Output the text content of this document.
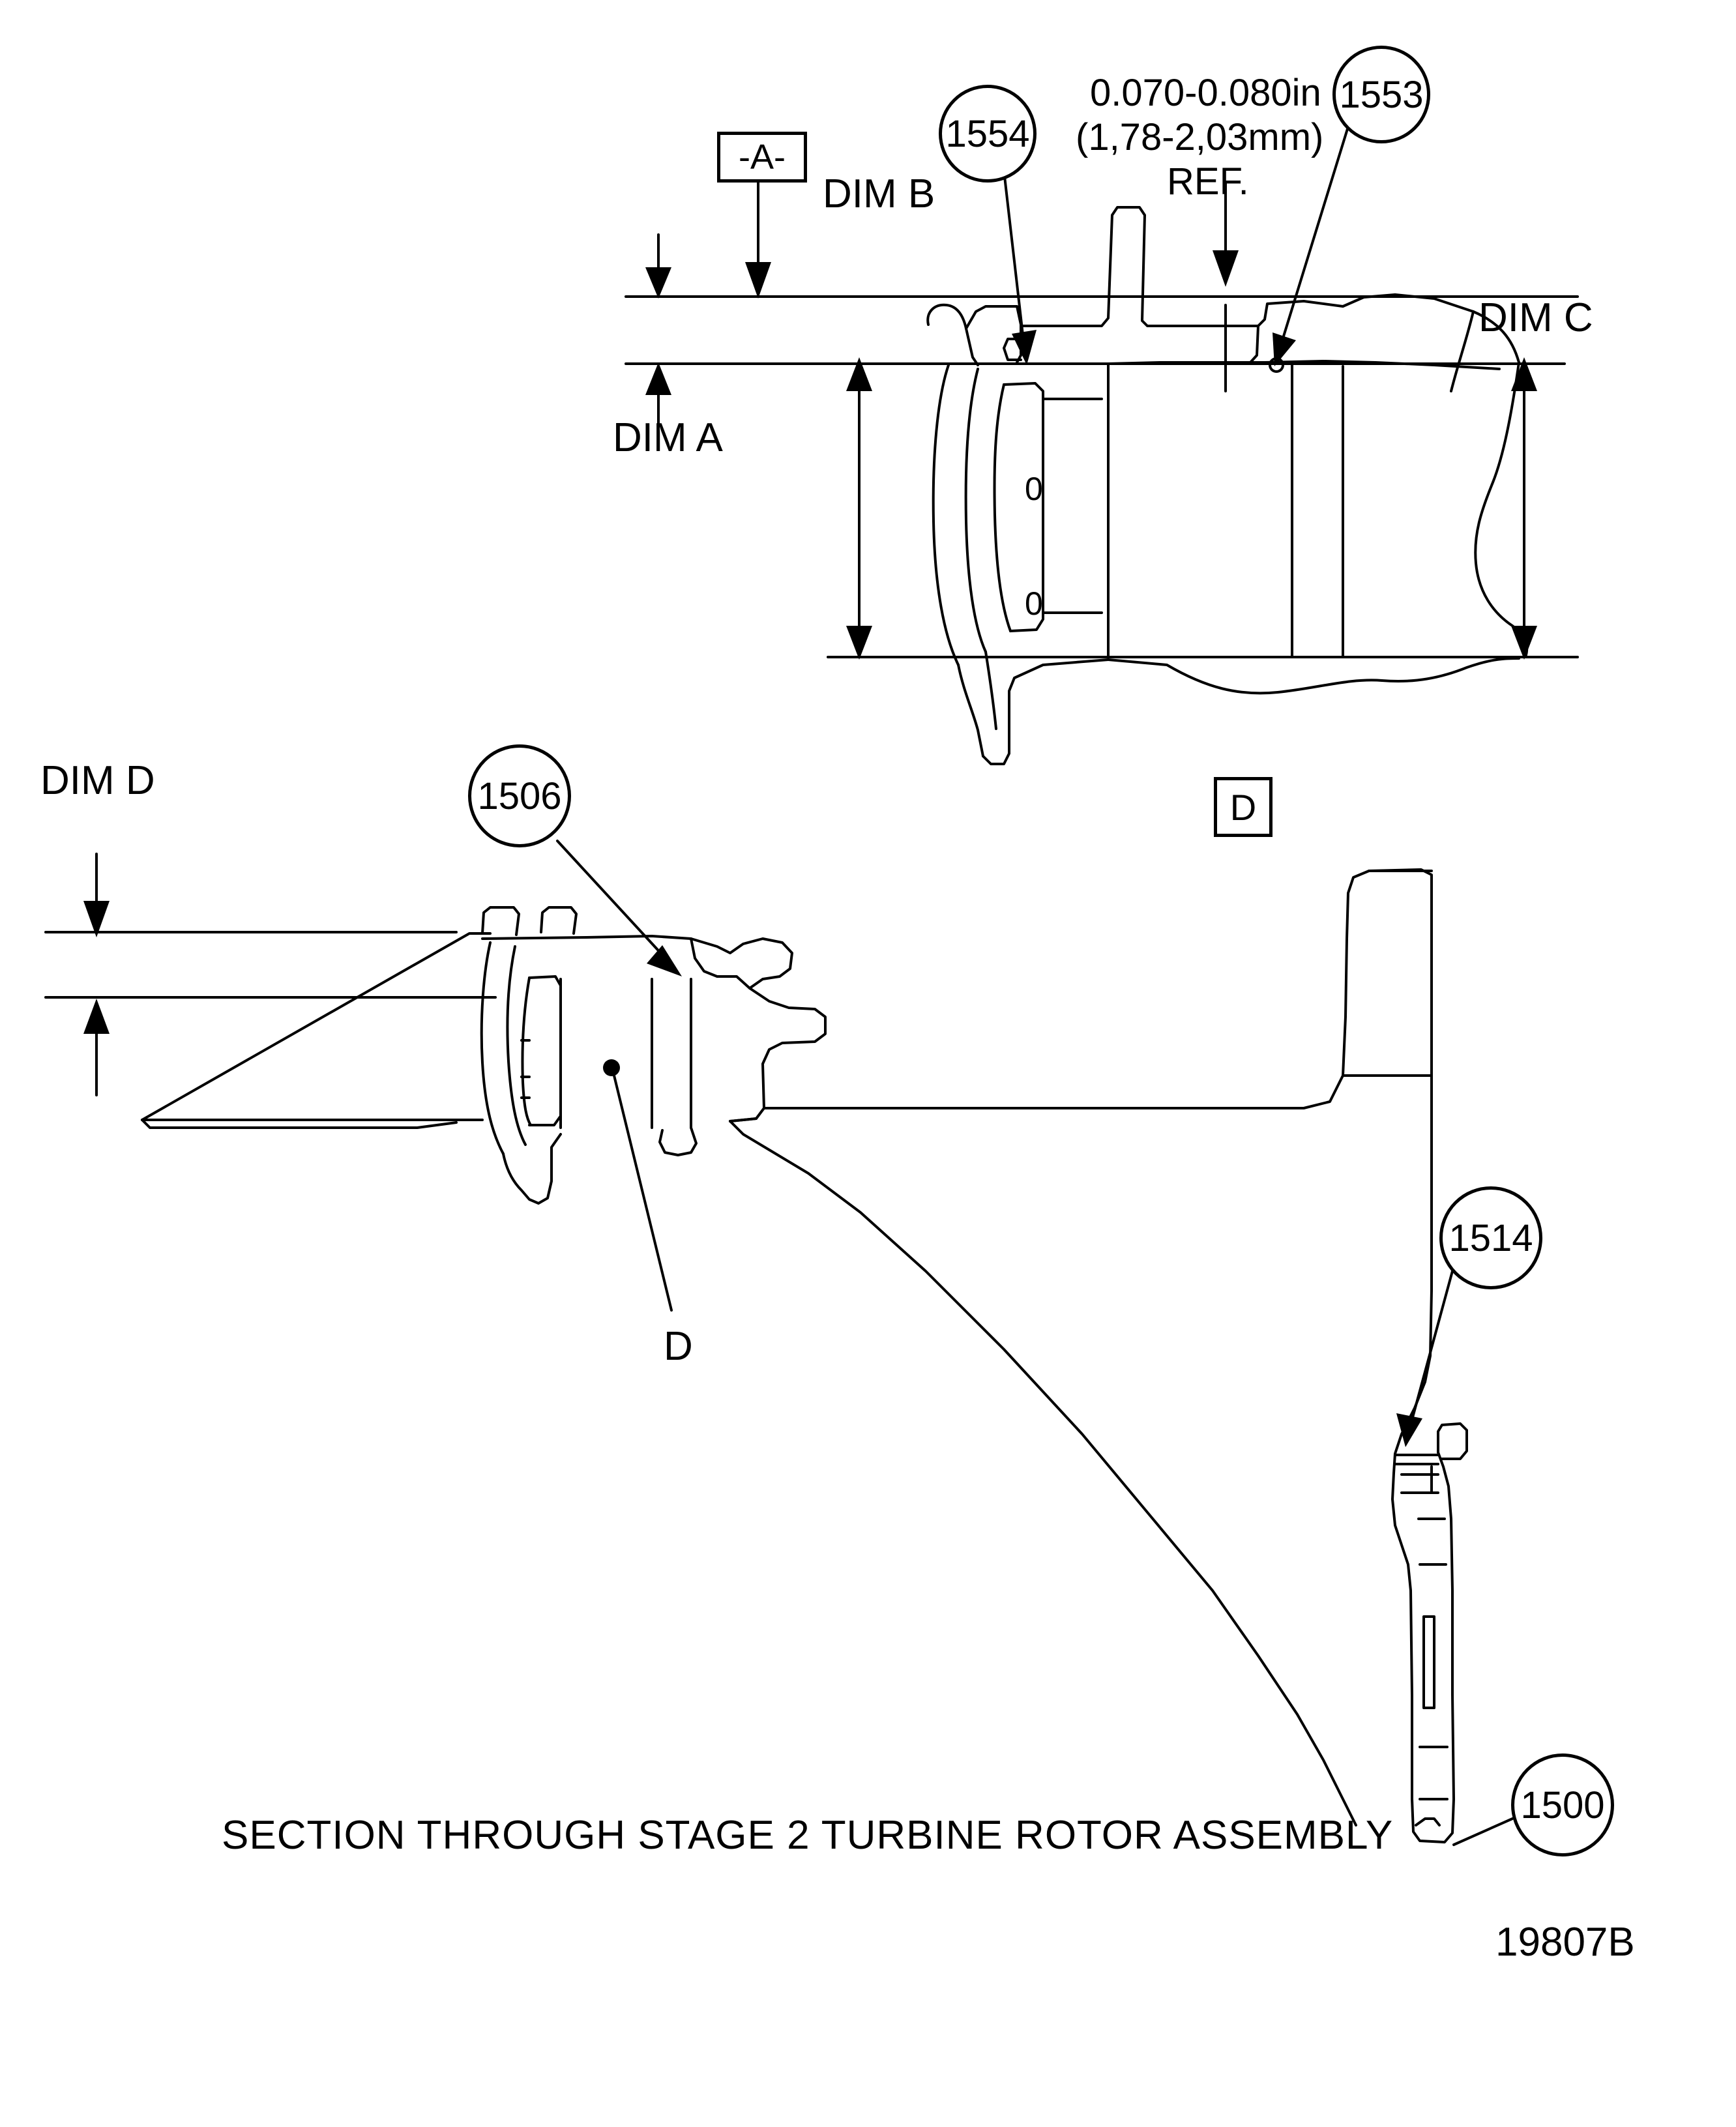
-A-
DIM B
DIM A
DIM C
DIM D
0.070-0.080in
(1,78-2,03mm)
REF.
1554
1553
1506
1514
1500
D
D
0
0
SECTION THROUGH STAGE 2 TURBINE ROTOR ASSEMBLY
19807B
